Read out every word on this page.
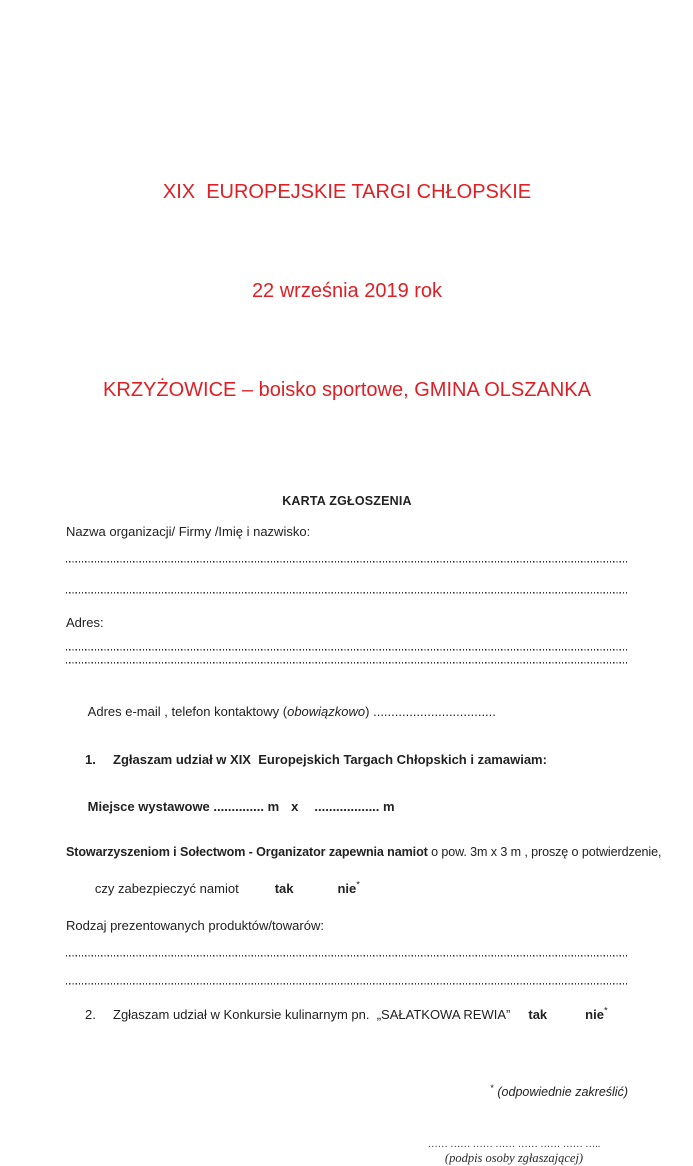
XIX  EUROPEJSKIE TARGI CHŁOPSKIE

22 września 2019 rok

KRZYŻOWICE – boisko sportowe, GMINA OLSZANKA

KARTA ZGŁOSZENIA
Nazwa organizacji/ Firmy /Imię i nazwisko:
Adres:

Adres e-mail , telefon kontaktowy (obowiązkowo) ..................................

1.	Zgłaszam udział w XIX  Europejskich Targach Chłopskich i zamawiam:

Miejsce wystawowe .............. m x .................. m

Stowarzyszeniom i Sołectwom - Organizator zapewnia namiot o pow. 3m x 3 m , proszę o potwierdzenie,

czy zabezpieczyć namiot	tak	nie*

Rodzaj prezentowanych produktów/towarów:
2.	Zgłaszam udział w Konkursie kulinarnym pn.  „SAŁATKOWA REWIA” tak	nie*
* (odpowiednie zakreślić)
…… …… …… …… …… …… …… …..
(podpis osoby zgłaszającej)
